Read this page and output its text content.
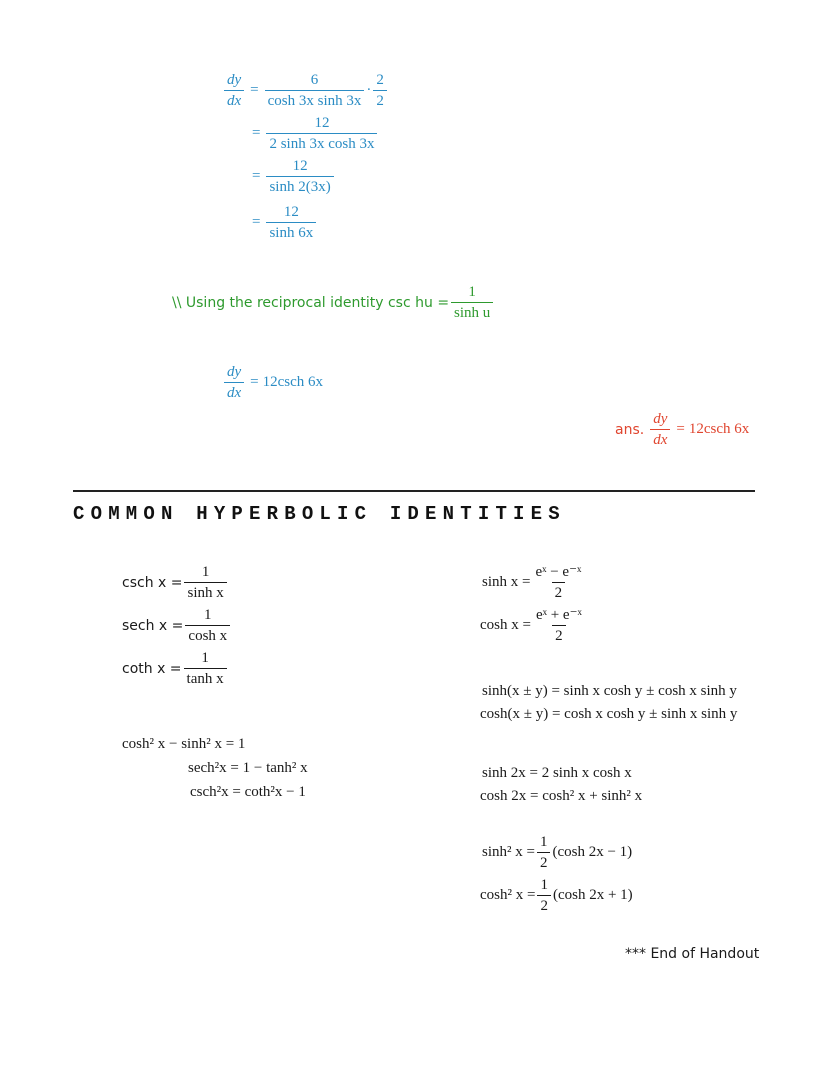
$\frac{dy}{dx} = \frac{6}{\text{cosh 3x sinh 3x}} \cdot \frac{2}{2}$
= $\frac{12}{\text{2 sinh 3x cosh 3x}}$
= $\frac{12}{\sinh 2(3x)}$
= $\frac{12}{\sinh 6x}$
\\ Using the reciprocal identity csc hu = $\frac{1}{\text{sinh u}}$
$\frac{dy}{dx} = 12\csc h$ 6x
ans. $\frac{dy}{dx} = 12\csc h$ 6x
COMMON HYPERBOLIC IDENTITIES
csch $x = \frac{1}{\text{sinh x}}$
sech $x = \frac{1}{\text{cosh x}}$
coth $x = \frac{1}{\text{tanh x}}$
cosh² x − sinh² x = 1
sech²x = 1 − tanh² x
csch²x = coth²x − 1
$\sinh x = \frac{\text{eˣ − e⁻ˣ}}{2}$
$\cosh x = \frac{\text{eˣ + e⁻ˣ}}{2}$
sinh(x ± y) = sinh x cosh y ± cosh x sinh y
cosh(x ± y) = cosh x cosh y ± sinh x sinh y
sinh 2x = 2 sinh x cosh x
cosh 2x = cosh² x + sinh² x
sinh² $x = \frac{1}{2} (\cosh$ 2x − 1)
cosh² $x = \frac{1}{2} (\cosh$ 2x + 1)
*** End of Handout
